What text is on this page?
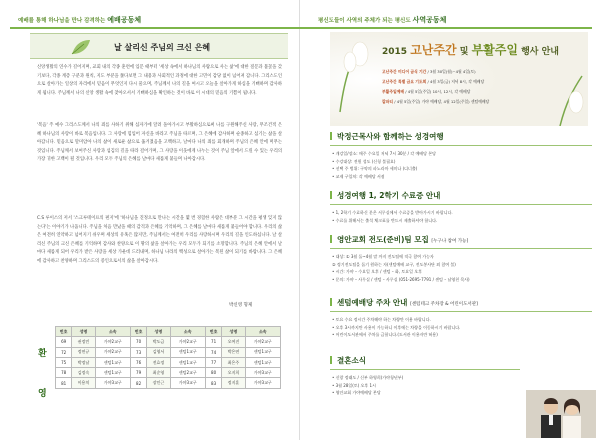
예배를 통해 하나님을 만나 감격하는 예배공동체
날 살리신 주님의 크신 은혜

신앙생활의 연수가 길어지며, 교회 내의 각종 훈련에 입문 때부터 '세상 속에서 하나님의 사람으로 사는 삶'에 대한 질문과 불꽃을 갖기보다, 각종 계층 구분과 원칙, 지도 부분을 쫓다보면 그 내용과 사회적인 과정에 대한 고민이 감당 없이 넘어져 갑니다. 그리스도인으로 살아가는 일상의 자리에서 믿음이 무엇인지 다시 물으며, 주님께서 나의 길을 여시고 오늘을 살아가게 하심을 기뻐하며 감사하게 됩니다. 주님께서 나의 신앙 생활 속에 찾아오셔서 기뻐하심을 확인하는 것이 바로 이 시대의 믿음의 기쁨이 됩니다.

'복음' 주 예수 그리스도께서 나의 죄를 사하기 위해 십자가에 달려 돌아가시고 부활하심으로써 나를 구원해주신 사랑, 무조건적 은혜 하나님의 사랑이 바로 복음입니다. 그 사랑에 힘입어 자신을 바라고 주님을 따르며, 그 은혜에 감사하며 순종하고 섬기는 삶을 살아갑니다. 믿음으로 말미암아 나의 삶이 새로운 삶으로 옮겨졌음을 고백하고, 날마다 나의 죄를 회개하며 주님의 은혜 안에 머무는 것입니다. 주님께서 보여주신 사랑과 섬김의 길을 따라 걸어가며, 그 사랑을 이웃에게 나누는 것이 주님 앞에서 드릴 수 있는 우리의 가장 귀한 고백이 될 것입니다. 우리 모두 주님의 은혜를 날마다 새롭게 붙들며 나아갑시다.

C.S 루이스의 저서 '스크루테이프의 편지'에 '하나님을 진정으로 만나는 시간을 몇 번 경험한 사람은 대부분 그 시간을 평생 잊지 않는다'는 이야기가 나옵니다. 주님을 처음 만났을 때의 감격과 은혜를 기억하며, 그 은혜를 날마다 새롭게 붙들어야 합니다. 우리의 삶은 여전히 연약하고 넘어지기 쉬우며 세상의 유혹은 많지만, 주님께서는 여전히 우리를 사랑하시며 우리의 길을 인도하십니다. 날 살리신 주님의 크신 은혜를 기억하며 감사와 찬양으로 이 땅의 삶을 살아가는 우리 모두가 되기를 소망합니다. 주님의 은혜 안에서 날마다 새롭게 되어 우리가 받은 사랑을 세상 가운데 드러내며, 하나님 나라의 백성으로 살아가는 복된 삶이 되기를 바랍니다. 그 은혜에 감사하고 찬양하며 그리스도의 증인으로서의 삶을 살아갑시다.

박신영 형제
환
영
번호	성명	소속	번호	성명	소속	번호	성명	소속
69	권정민	가야2교구	70	박도금	가야2교구	71	오여진	가야2교구
72	정연규	가야2교구	73	김영서	센텀1교구	74	박은연	센텀1교구
75	박정남	센텀1교구	76	전효정	센텀1교구	77	최은주	센텀1교구
78	김정숙	센텀1교구	79	최순영	센텀2교구	80	오지희	가야3교구
81	이용치	가야3교구	82	장인근	가야3교구	83	정지훈	가야3교구
평신도들이 사역의 주체가 되는 평신도 사역공동체
2015 고난주간 및 부활주일 행사 안내
고난주간 미디어 금식 기간 / 3월 30일(월)~4월 4일(토)
고난주간 특별 금요 기도회 / 4월 3일(금) 저녁 8시, 각 예배당
부활주일예배 / 4월 5일(주일) 10시, 12시, 각 예배당
칼파티 / 4월 5일(주일) 가야 예배당, 4월 12일(주일) 센텀예배당
박정근목사와 함께하는 성경여행
• 개강일/장소: 매주 수요일 저녁 7시 30분 / 각 예배당 본당
• 수강대상: 전원 성도 (신청 불필요)
• 선택 주 범위: 구약의 파노라마 세미나 (디너출)
• 교제 구입처: 각 예배당 서점
성경여행 1, 2학기 수료증 안내
• 1, 2학기 수료하신 분은 서무실에서 수료증을 받아가시기 바랍니다.
• 수료를 위해서는 출석 체크표를 반드시 제출하셔야 합니다.
영안교회 전도(준비)팀 모집 [누구나 참여 가능]
• 대상: ① 3월 둘~4월 말 까지 전도팀에 적극 참여 가능자
② 정기전도팀을 돕기 원하는 자(센텀예배 교구, 전도봉사단 외 참여 불)
• 시간: 가야 – 수요일 오후 / 센텀 – 화, 토요일 오후
• 문의: 가야 – 사무실 / 센텀 – 사무실 (051-2695-7791 / 센텀 – 남영천 목사)
센텀예배당 주차 안내 [센텀테크 주차장 & 어린이도서관]
• 토요 수요 정시간 주차해야 하는 차량만 이용 바랍니다.
• 오후 3시까지만 사용이 가능하니 이후에는 차량을 이동하시기 바랍니다.
• 어린이도서관에서 주차를 금합니다.(도서관 이용자만 허용)
결혼소식
• 신랑 정래도 / 신부 하영희(가야청년부)
• 3월 28일(토) 오후 1시
• 영안교회 가야예배당 본당
